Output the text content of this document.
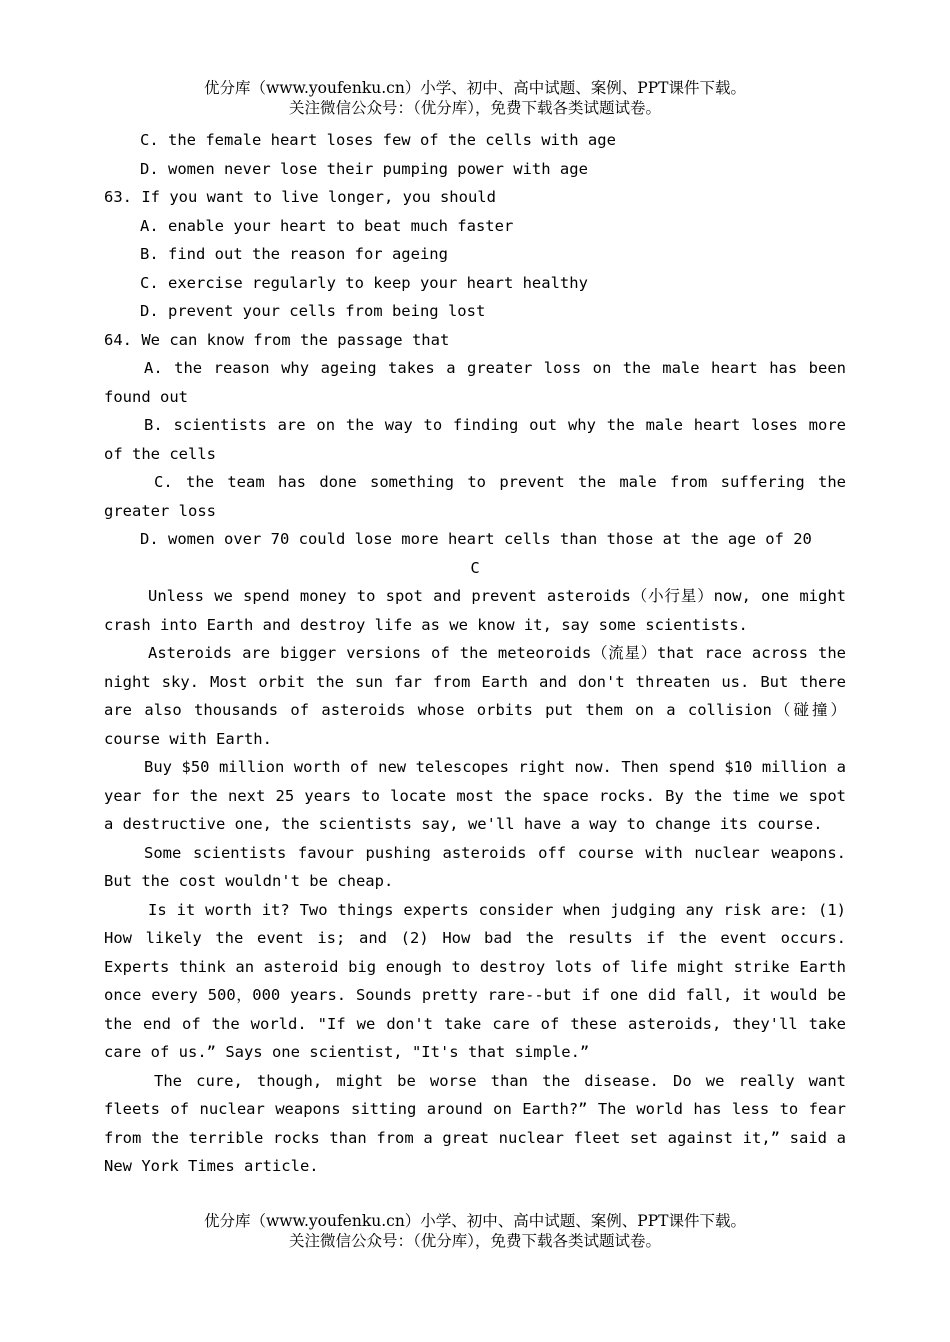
优分库（www.youfenku.cn）小学、初中、高中试题、案例、PPT课件下载。
关注微信公众号：（优分库），免费下载各类试题试卷。

C. the female heart loses few of the cells with age

D. women never lose their pumping power with age

63. If you want to live longer, you should

A. enable your heart to beat much faster

B. find out the reason for ageing

C. exercise regularly to keep your heart healthy

D. prevent your cells from being lost

64. We can know from the passage that

A. the reason why ageing takes a greater loss on the male heart has been found out

B. scientists are on the way to finding out why the male heart loses more of the cells

C. the team has done something to prevent the male from suffering the greater loss

D. women over 70 could lose more heart cells than those at the age of 20

C

Unless we spend money to spot and prevent asteroids（小行星）now, one might crash into Earth and destroy life as we know it, say some scientists.

Asteroids are bigger versions of the meteoroids（流星）that race across the night sky. Most orbit the sun far from Earth and don't threaten us. But there are also thousands of asteroids whose orbits put them on a collision（碰撞）course with Earth.

Buy $50 million worth of new telescopes right now. Then spend $10 million a year for the next 25 years to locate most the space rocks. By the time we spot a destructive one, the scientists say, we'll have a way to change its course.

Some scientists favour pushing asteroids off course with nuclear weapons. But the cost wouldn't be cheap.

Is it worth it? Two things experts consider when judging any risk are: (1) How likely the event is; and (2) How bad the results if the event occurs. Experts think an asteroid big enough to destroy lots of life might strike Earth once every 500，000 years. Sounds pretty rare--but if one did fall, it would be the end of the world. "If we don't take care of these asteroids, they'll take care of us.” Says one scientist, "It's that simple.”

The cure, though, might be worse than the disease. Do we really want fleets of nuclear weapons sitting around on Earth?” The world has less to fear from the terrible rocks than from a great nuclear fleet set against it,” said a New York Times article.

优分库（www.youfenku.cn）小学、初中、高中试题、案例、PPT课件下载。
关注微信公众号：（优分库），免费下载各类试题试卷。
